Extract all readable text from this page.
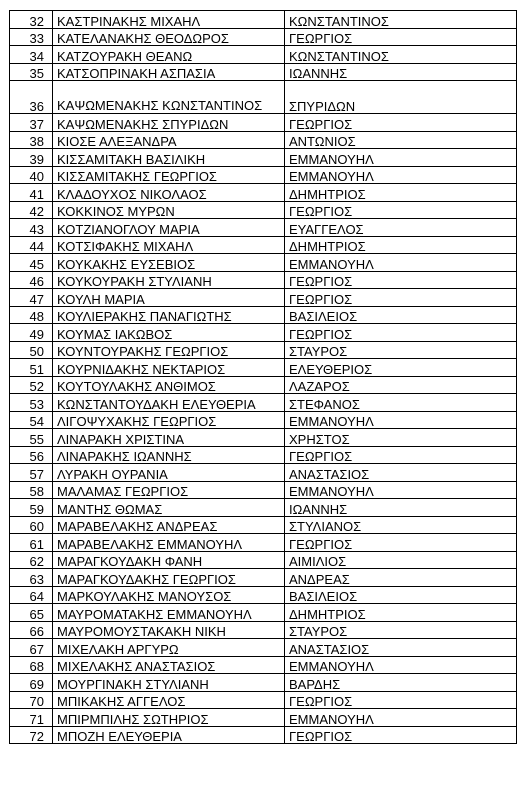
32	ΚΑΣΤΡΙΝΑΚΗΣ ΜΙΧΑΗΛ	ΚΩΝΣΤΑΝΤΙΝΟΣ
33	ΚΑΤΕΛΑΝΑΚΗΣ ΘΕΟΔΩΡΟΣ	ΓΕΩΡΓΙΟΣ
34	ΚΑΤΖΟΥΡΑΚΗ ΘΕΑΝΩ	ΚΩΝΣΤΑΝΤΙΝΟΣ
35	ΚΑΤΣΟΠΡΙΝΑΚΗ ΑΣΠΑΣΙΑ	ΙΩΑΝΝΗΣ
36	ΚΑΨΩΜΕΝΑΚΗΣ ΚΩΝΣΤΑΝΤΙΝΟΣ	ΣΠΥΡΙΔΩΝ
37	ΚΑΨΩΜΕΝΑΚΗΣ ΣΠΥΡΙΔΩΝ	ΓΕΩΡΓΙΟΣ
38	ΚΙΟΣΕ ΑΛΕΞΑΝΔΡΑ	ΑΝΤΩΝΙΟΣ
39	ΚΙΣΣΑΜΙΤΑΚΗ ΒΑΣΙΛΙΚΗ	ΕΜΜΑΝΟΥΗΛ
40	ΚΙΣΣΑΜΙΤΑΚΗΣ ΓΕΩΡΓΙΟΣ	ΕΜΜΑΝΟΥΗΛ
41	ΚΛΑΔΟΥΧΟΣ ΝΙΚΟΛΑΟΣ	ΔΗΜΗΤΡΙΟΣ
42	ΚΟΚΚΙΝΟΣ ΜΥΡΩΝ	ΓΕΩΡΓΙΟΣ
43	ΚΟΤΖΙΑΝΟΓΛΟΥ ΜΑΡΙΑ	ΕΥΑΓΓΕΛΟΣ
44	ΚΟΤΣΙΦΑΚΗΣ ΜΙΧΑΗΛ	ΔΗΜΗΤΡΙΟΣ
45	ΚΟΥΚΑΚΗΣ ΕΥΣΕΒΙΟΣ	ΕΜΜΑΝΟΥΗΛ
46	ΚΟΥΚΟΥΡΑΚΗ ΣΤΥΛΙΑΝΗ	ΓΕΩΡΓΙΟΣ
47	ΚΟΥΛΗ ΜΑΡΙΑ	ΓΕΩΡΓΙΟΣ
48	ΚΟΥΛΙΕΡΑΚΗΣ ΠΑΝΑΓΙΩΤΗΣ	ΒΑΣΙΛΕΙΟΣ
49	ΚΟΥΜΑΣ ΙΑΚΩΒΟΣ	ΓΕΩΡΓΙΟΣ
50	ΚΟΥΝΤΟΥΡΑΚΗΣ ΓΕΩΡΓΙΟΣ	ΣΤΑΥΡΟΣ
51	ΚΟΥΡΝΙΔΑΚΗΣ ΝΕΚΤΑΡΙΟΣ	ΕΛΕΥΘΕΡΙΟΣ
52	ΚΟΥΤΟΥΛΑΚΗΣ ΑΝΘΙΜΟΣ	ΛΑΖΑΡΟΣ
53	ΚΩΝΣΤΑΝΤΟΥΔΑΚΗ ΕΛΕΥΘΕΡΙΑ	ΣΤΕΦΑΝΟΣ
54	ΛΙΓΟΨΥΧΑΚΗΣ ΓΕΩΡΓΙΟΣ	ΕΜΜΑΝΟΥΗΛ
55	ΛΙΝΑΡΑΚΗ ΧΡΙΣΤΙΝΑ	ΧΡΗΣΤΟΣ
56	ΛΙΝΑΡΑΚΗΣ ΙΩΑΝΝΗΣ	ΓΕΩΡΓΙΟΣ
57	ΛΥΡΑΚΗ ΟΥΡΑΝΙΑ	ΑΝΑΣΤΑΣΙΟΣ
58	ΜΑΛΑΜΑΣ ΓΕΩΡΓΙΟΣ	ΕΜΜΑΝΟΥΗΛ
59	ΜΑΝΤΗΣ ΘΩΜΑΣ	ΙΩΑΝΝΗΣ
60	ΜΑΡΑΒΕΛΑΚΗΣ ΑΝΔΡΕΑΣ	ΣΤΥΛΙΑΝΟΣ
61	ΜΑΡΑΒΕΛΑΚΗΣ ΕΜΜΑΝΟΥΗΛ	ΓΕΩΡΓΙΟΣ
62	ΜΑΡΑΓΚΟΥΔΑΚΗ ΦΑΝΗ	ΑΙΜΙΛΙΟΣ
63	ΜΑΡΑΓΚΟΥΔΑΚΗΣ ΓΕΩΡΓΙΟΣ	ΑΝΔΡΕΑΣ
64	ΜΑΡΚΟΥΛΑΚΗΣ ΜΑΝΟΥΣΟΣ	ΒΑΣΙΛΕΙΟΣ
65	ΜΑΥΡΟΜΑΤΑΚΗΣ ΕΜΜΑΝΟΥΗΛ	ΔΗΜΗΤΡΙΟΣ
66	ΜΑΥΡΟΜΟΥΣΤΑΚΑΚΗ ΝΙΚΗ	ΣΤΑΥΡΟΣ
67	ΜΙΧΕΛΑΚΗ ΑΡΓΥΡΩ	ΑΝΑΣΤΑΣΙΟΣ
68	ΜΙΧΕΛΑΚΗΣ ΑΝΑΣΤΑΣΙΟΣ	ΕΜΜΑΝΟΥΗΛ
69	ΜΟΥΡΓΙΝΑΚΗ ΣΤΥΛΙΑΝΗ	ΒΑΡΔΗΣ
70	ΜΠΙΚΑΚΗΣ ΑΓΓΕΛΟΣ	ΓΕΩΡΓΙΟΣ
71	ΜΠΙΡΜΠΙΛΗΣ ΣΩΤΗΡΙΟΣ	ΕΜΜΑΝΟΥΗΛ
72	ΜΠΟΖΗ ΕΛΕΥΘΕΡΙΑ	ΓΕΩΡΓΙΟΣ
